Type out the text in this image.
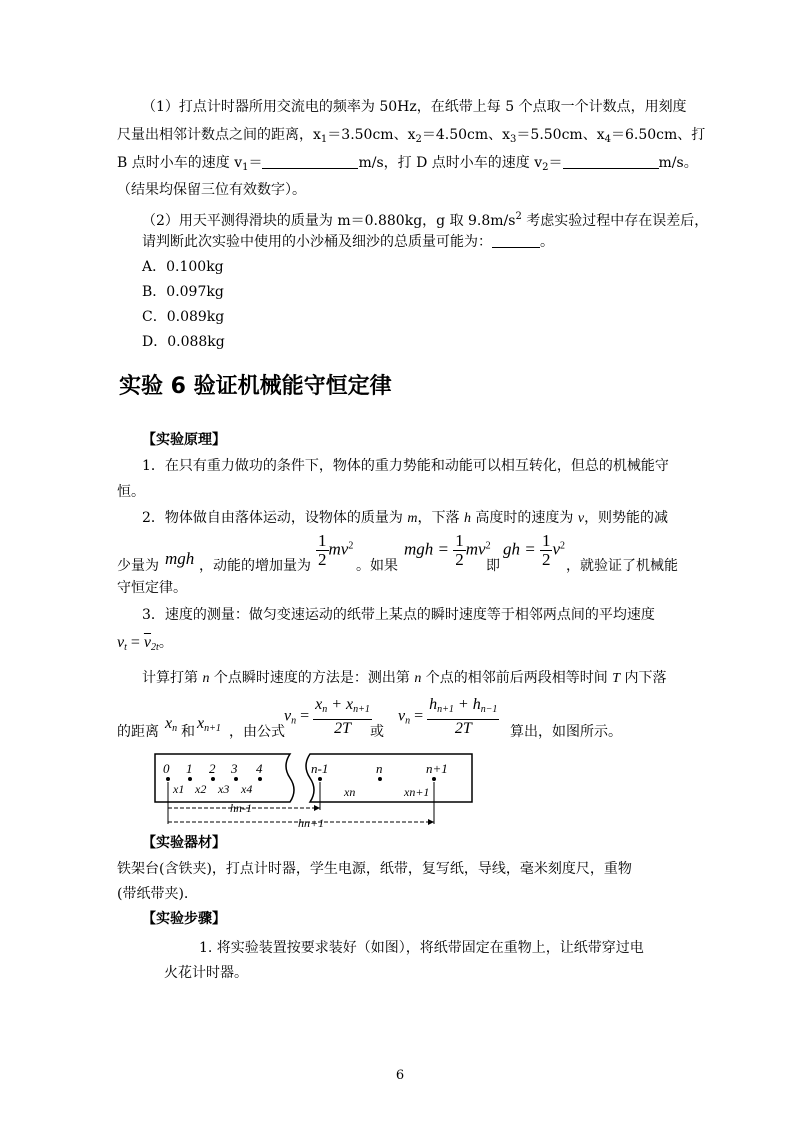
（1）打点计时器所用交流电的频率为 50Hz，在纸带上每 5 个点取一个计数点，用刻度
尺量出相邻计数点之间的距离，$x_1=3.50cm$、$x_2=4.50cm$、$x_3=5.50cm$、$x_4=6.50cm$、打
B 点时小车的速度 $v_1=$	m/s，打 D 点时小车的速度 $v_2=$	m/s。
（结果均保留三位有效数字）。
（2）用天平测得滑块的质量为 m＝0.880kg，g 取 $9.8m/s^2$ 考虑实验过程中存在误差后，
请判断此次实验中使用的小沙桶及细沙的总质量可能为：	。
A．0.100kg
B．0.097kg
C．0.089kg
D．0.088kg
实验 6 验证机械能守恒定律
【实验原理】
1．在只有重力做功的条件下，物体的重力势能和动能可以相互转化，但总的机械能守
恒。
2．物体做自由落体运动，设物体的质量为 m，下落 h 高度时的速度为 v，则势能的减
少量为 mgh ，动能的增加量为 $\frac{1}{2} mv^2$
。如果
mgh = $\frac{1}{2} mv^2$
即
gh = $\frac{1}{2} v^2$
，就验证了机械能
守恒定律。
3．速度的测量：做匀变速运动的纸带上某点的瞬时速度等于相邻两点间的平均速度
$v_t = \overline{v}_{2t}$。
计算打第 n 个点瞬时速度的方法是：测出第 n 个点的相邻前后两段相等时间 T 内下落
的距离 $x_n$ 和 $x_{n+1}$ ，由公式
$v_n = \frac{x_n + x_{n+1}}{2T}$
或
$v_n = \frac{h_{n+1} + h_{n-1}}{2T}$ 算出，如图所示。
0 1 2 3 4	n-1	n	n+1
x1 x2 x3 x4	xn	xn+1
hn-1
hn+1
【实验器材】
铁架台(含铁夹)，打点计时器，学生电源，纸带，复写纸，导线，毫米刻度尺，重物
(带纸带夹).
【实验步骤】
1. 将实验装置按要求装好（如图），将纸带固定在重物上，让纸带穿过电
火花计时器。
6
